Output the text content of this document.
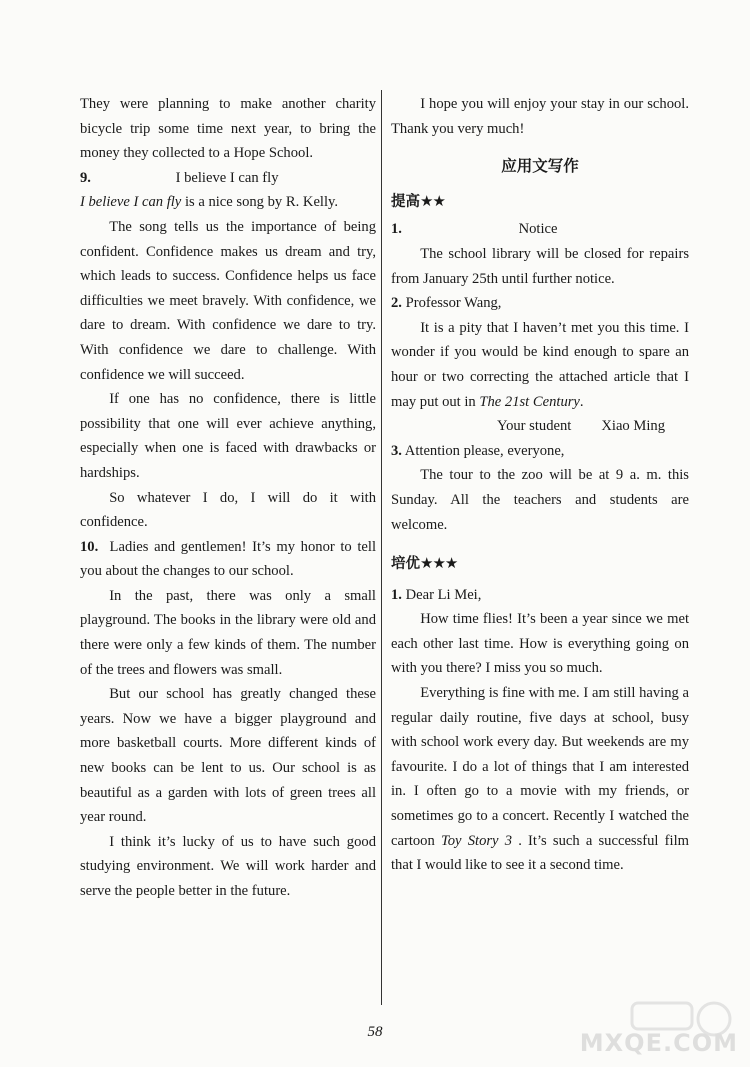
They were planning to make another charity bicycle trip some time next year, to bring the money they collected to a Hope School.

9.	I believe I can fly

I believe I can fly is a nice song by R. Kelly.

The song tells us the importance of being confident. Confidence makes us dream and try, which leads to success. Confidence helps us face difficulties we meet bravely. With confidence, we dare to dream. With confidence we dare to try. With confidence we dare to challenge. With confidence we will succeed.

If one has no confidence, there is little possibility that one will ever achieve anything, especially when one is faced with drawbacks or hardships.

So whatever I do, I will do it with confidence.

10. Ladies and gentlemen! It’s my honor to tell you about the changes to our school.

In the past, there was only a small playground. The books in the library were old and there were only a few kinds of them. The number of the trees and flowers was small.

But our school has greatly changed these years. Now we have a bigger playground and more basketball courts. More different kinds of new books can be lent to us. Our school is as beautiful as a garden with lots of green trees all year round.

I think it’s lucky of us to have such good studying environment. We will work harder and serve the people better in the future.

I hope you will enjoy your stay in our school. Thank you very much!

应用文写作
提高★★
1.	Notice

The school library will be closed for repairs from January 25th until further notice.

2. Professor Wang,

It is a pity that I haven’t met you this time. I wonder if you would be kind enough to spare an hour or two correcting the attached article that I may put out in The 21st Century.

Your student Xiao Ming

3. Attention please, everyone,

The tour to the zoo will be at 9 a. m. this Sunday. All the teachers and students are welcome.

培优★★★

1. Dear Li Mei,

How time flies! It’s been a year since we met each other last time. How is everything going on with you there? I miss you so much.

Everything is fine with me. I am still having a regular daily routine, five days at school, busy with school work every day. But weekends are my favourite. I do a lot of things that I am interested in. I often go to a movie with my friends, or sometimes go to a concert. Recently I watched the cartoon Toy Story 3 . It’s such a successful film that I would like to see it a second time.

58	MXQE.COM
